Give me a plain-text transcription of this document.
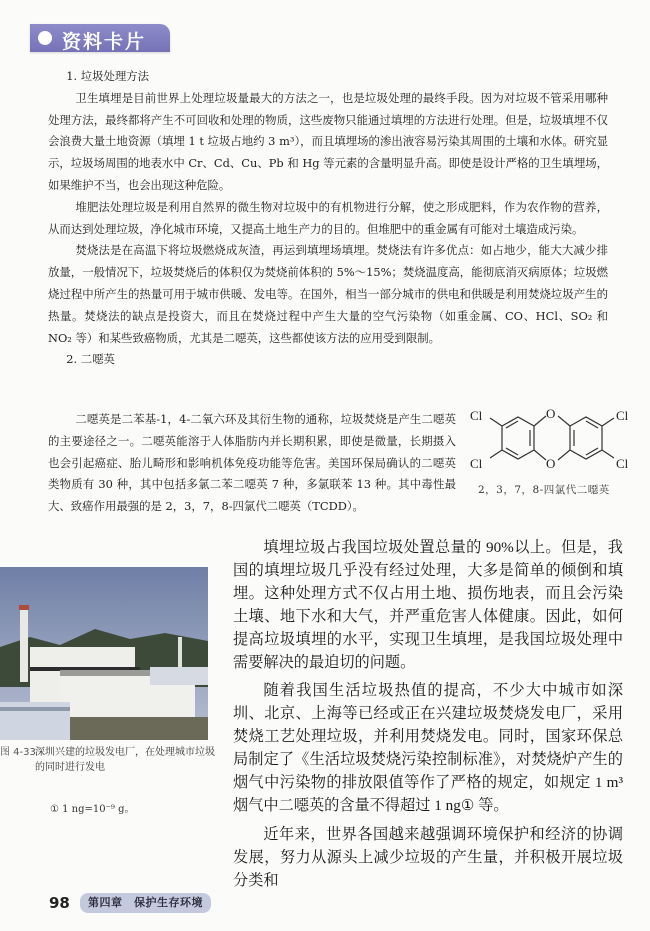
资料卡片

1. 垃圾处理方法

卫生填埋是目前世界上处理垃圾量最大的方法之一，也是垃圾处理的最终手段。因为对垃圾不管采用哪种处理方法，最终都将产生不可回收和处理的物质，这些废物只能通过填埋的方法进行处理。但是，垃圾填埋不仅会浪费大量土地资源（填埋 1 t 垃圾占地约 3 m³），而且填埋场的渗出液容易污染其周围的土壤和水体。研究显示，垃圾场周围的地表水中 Cr、Cd、Cu、Pb 和 Hg 等元素的含量明显升高。即使是设计严格的卫生填埋场，如果维护不当，也会出现这种危险。

堆肥法处理垃圾是利用自然界的微生物对垃圾中的有机物进行分解，使之形成肥料，作为农作物的营养，从而达到处理垃圾，净化城市环境，又提高土地生产力的目的。但堆肥中的重金属有可能对土壤造成污染。

焚烧法是在高温下将垃圾燃烧成灰渣，再运到填埋场填埋。焚烧法有许多优点：如占地少，能大大减少排放量，一般情况下，垃圾焚烧后的体积仅为焚烧前体积的 5%～15%；焚烧温度高，能彻底消灭病原体；垃圾燃烧过程中所产生的热量可用于城市供暖、发电等。在国外，相当一部分城市的供电和供暖是利用焚烧垃圾产生的热量。焚烧法的缺点是投资大，而且在焚烧过程中产生大量的空气污染物（如重金属、CO、HCl、SO₂ 和 NO₂ 等）和某些致癌物质，尤其是二噁英，这些都使该方法的应用受到限制。

2. 二噁英

二噁英是二苯基-1，4-二氧六环及其衍生物的通称，垃圾焚烧是产生二噁英的主要途径之一。二噁英能溶于人体脂肪内并长期积累，即使是微量，长期摄入也会引起癌症、胎儿畸形和影响机体免疫功能等危害。美国环保局确认的二噁英类物质有 30 种，其中包括多氯二苯二噁英 7 种，多氯联苯 13 种。其中毒性最大、致癌作用最强的是 2，3，7，8-四氯代二噁英（TCDD）。

Cl
Cl
Cl
Cl
O
O
2，3，7，8-四氯代二噁英
图 4-33 深圳兴建的垃圾发电厂，在处理城市垃圾的同时进行发电
① 1 ng=10⁻⁹ g。

填埋垃圾占我国垃圾处置总量的 90%以上。但是，我国的填埋垃圾几乎没有经过处理，大多是简单的倾倒和填埋。这种处理方式不仅占用土地、损伤地表，而且会污染土壤、地下水和大气，并严重危害人体健康。因此，如何提高垃圾填埋的水平，实现卫生填埋，是我国垃圾处理中需要解决的最迫切的问题。

随着我国生活垃圾热值的提高，不少大中城市如深圳、北京、上海等已经或正在兴建垃圾焚烧发电厂，采用焚烧工艺处理垃圾，并利用焚烧发电。同时，国家环保总局制定了《生活垃圾焚烧污染控制标准》，对焚烧炉产生的烟气中污染物的排放限值等作了严格的规定，如规定 1 m³ 烟气中二噁英的含量不得超过 1 ng① 等。

近年来，世界各国越来越强调环境保护和经济的协调发展，努力从源头上减少垃圾的产生量，并积极开展垃圾分类和

98	第四章　保护生存环境
